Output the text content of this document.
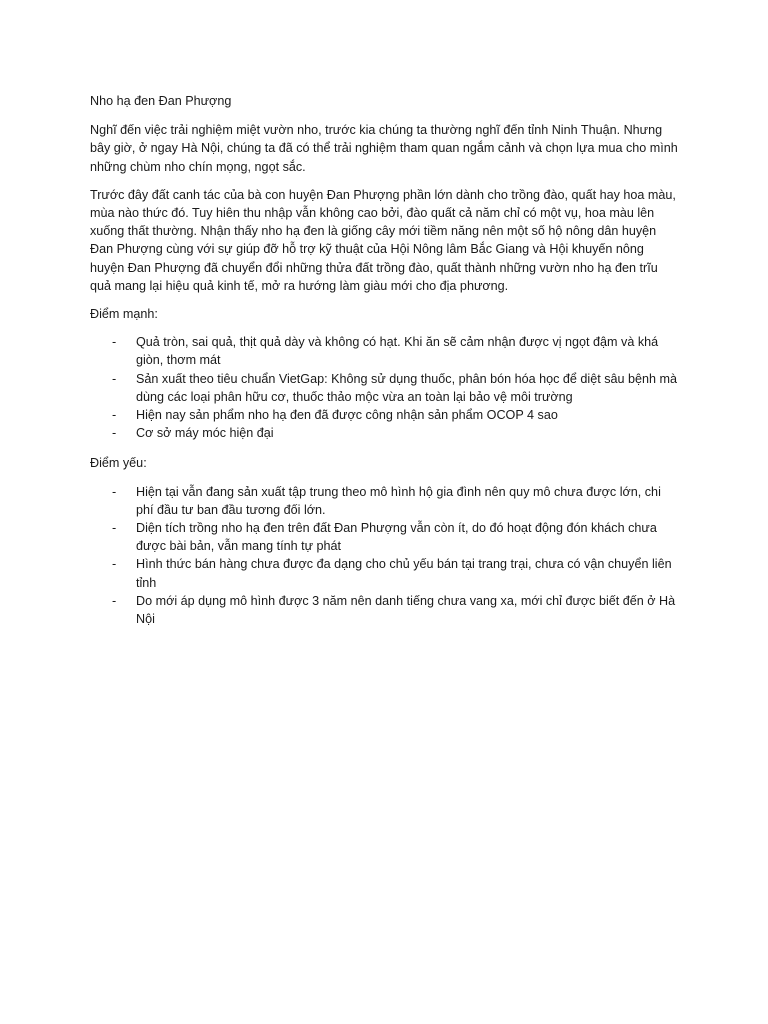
Nho hạ đen Đan Phượng

Nghĩ đến việc trải nghiệm miệt vườn nho, trước kia chúng ta thường nghĩ đến tỉnh Ninh Thuận. Nhưng bây giờ, ở ngay Hà Nội, chúng ta đã có thể trải nghiệm tham quan ngắm cảnh và chọn lựa mua cho mình những chùm nho chín mọng, ngọt sắc.

Trước đây đất canh tác của bà con huyện Đan Phượng phần lớn dành cho trồng đào, quất hay hoa màu, mùa nào thức đó. Tuy hiên thu nhập vẫn không cao bởi, đào quất cả năm chỉ có một vụ, hoa màu lên xuống thất thường. Nhận thấy nho hạ đen là giống cây mới tiềm năng nên một số hộ nông dân huyện Đan Phượng cùng với sự giúp đỡ hỗ trợ kỹ thuật của Hội Nông lâm Bắc Giang và Hội khuyến nông huyện Đan Phượng đã chuyển đổi những thửa đất trồng đào, quất thành những vườn nho hạ đen trĩu quả mang lại hiệu quả kinh tế, mở ra hướng làm giàu mới cho địa phương.

Điểm mạnh:

- Quả tròn, sai quả, thịt quả dày và không có hạt. Khi ăn sẽ cảm nhận được vị ngọt đậm và khá giòn, thơm mát
- Sản xuất theo tiêu chuẩn VietGap: Không sử dụng thuốc, phân bón hóa học để diệt sâu bệnh mà dùng các loại phân hữu cơ, thuốc thảo mộc vừa an toàn lại bảo vệ môi trường
- Hiện nay sản phẩm nho hạ đen đã được công nhận sản phẩm OCOP 4 sao
- Cơ sở máy móc hiện đại

Điểm yếu:

- Hiện tại vẫn đang sản xuất tập trung theo mô hình hộ gia đình nên quy mô chưa được lớn, chi phí đầu tư ban đầu tương đối lớn.
- Diện tích trồng nho hạ đen trên đất Đan Phượng vẫn còn ít, do đó hoạt động đón khách chưa được bài bản, vẫn mang tính tự phát
- Hình thức bán hàng chưa được đa dạng cho chủ yếu bán tại trang trại, chưa có vận chuyển liên tỉnh
- Do mới áp dụng mô hình được 3 năm nên danh tiếng chưa vang xa, mới chỉ được biết đến ở Hà Nội
